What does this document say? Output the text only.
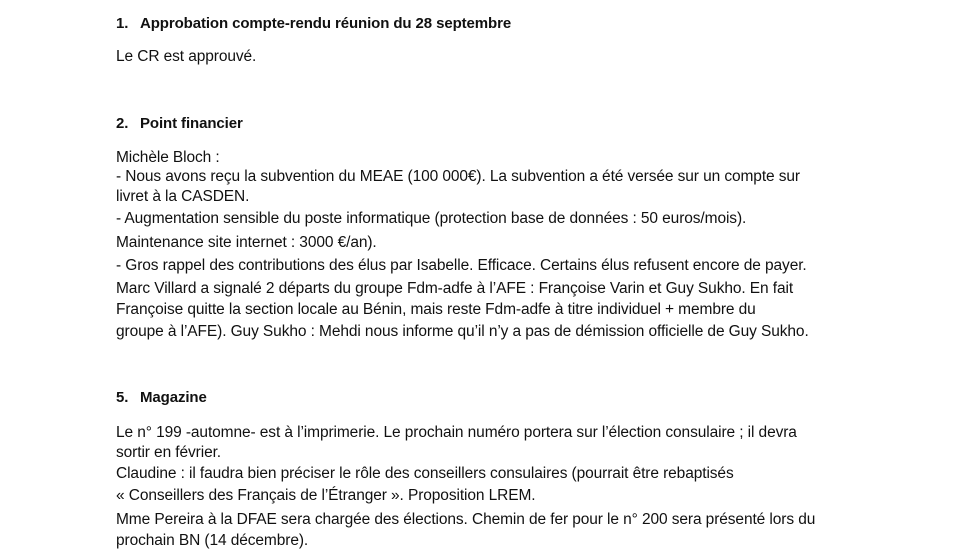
1. Approbation compte-rendu réunion du 28 septembre
Le CR est approuvé.
2. Point financier
Michèle Bloch :
- Nous avons reçu la subvention du MEAE (100 000€). La subvention a été versée sur un compte sur
livret à la CASDEN.
- Augmentation sensible du poste informatique (protection base de données : 50 euros/mois).
Maintenance site internet : 3000 €/an).
- Gros rappel des contributions des élus par Isabelle. Efficace. Certains élus refusent encore de payer.
Marc Villard a signalé 2 départs du groupe Fdm-adfe à l’AFE : Françoise Varin et Guy Sukho. En fait
Françoise quitte la section locale au Bénin, mais reste Fdm-adfe à titre individuel + membre du
groupe à l’AFE). Guy Sukho : Mehdi nous informe qu’il n’y a pas de démission officielle de Guy Sukho.
5. Magazine
Le n° 199 -automne- est à l’imprimerie. Le prochain numéro portera sur l’élection consulaire ; il devra
sortir en février.
Claudine : il faudra bien préciser le rôle des conseillers consulaires (pourrait être rebaptisés
« Conseillers des Français de l’Étranger ». Proposition LREM.
Mme Pereira à la DFAE sera chargée des élections. Chemin de fer pour le n° 200 sera présenté lors du
prochain BN (14 décembre).
